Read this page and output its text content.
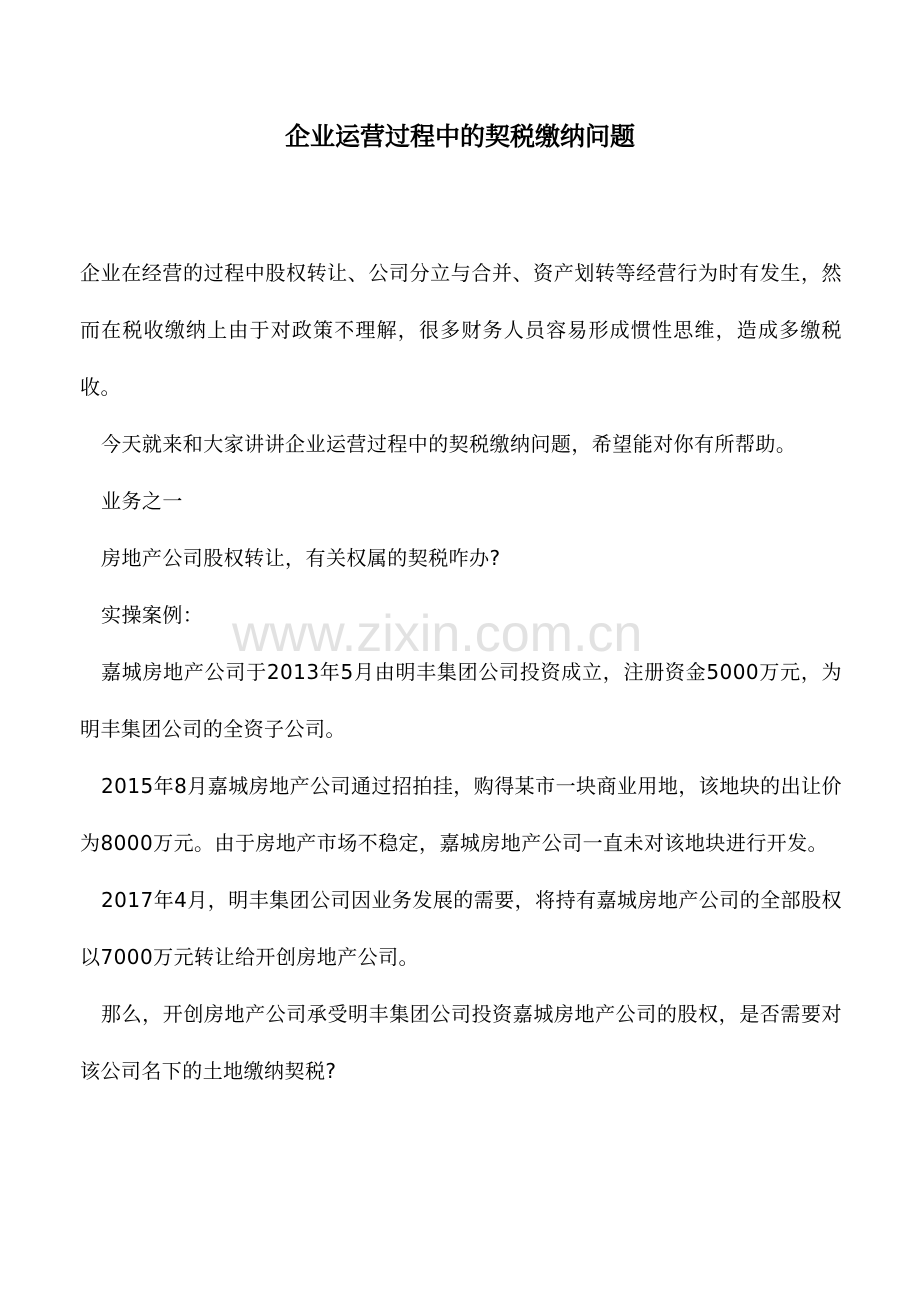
企业运营过程中的契税缴纳问题

企业在经营的过程中股权转让、公司分立与合并、资产划转等经营行为时有发生，然而在税收缴纳上由于对政策不理解，很多财务人员容易形成惯性思维，造成多缴税收。

今天就来和大家讲讲企业运营过程中的契税缴纳问题，希望能对你有所帮助。

业务之一

房地产公司股权转让，有关权属的契税咋办?

实操案例：

嘉城房地产公司于2013年5月由明丰集团公司投资成立，注册资金5000万元，为明丰集团公司的全资子公司。

2015年8月嘉城房地产公司通过招拍挂，购得某市一块商业用地，该地块的出让价为8000万元。由于房地产市场不稳定，嘉城房地产公司一直未对该地块进行开发。

2017年4月，明丰集团公司因业务发展的需要，将持有嘉城房地产公司的全部股权以7000万元转让给开创房地产公司。

那么，开创房地产公司承受明丰集团公司投资嘉城房地产公司的股权，是否需要对该公司名下的土地缴纳契税?

www.zixin.com.cn
